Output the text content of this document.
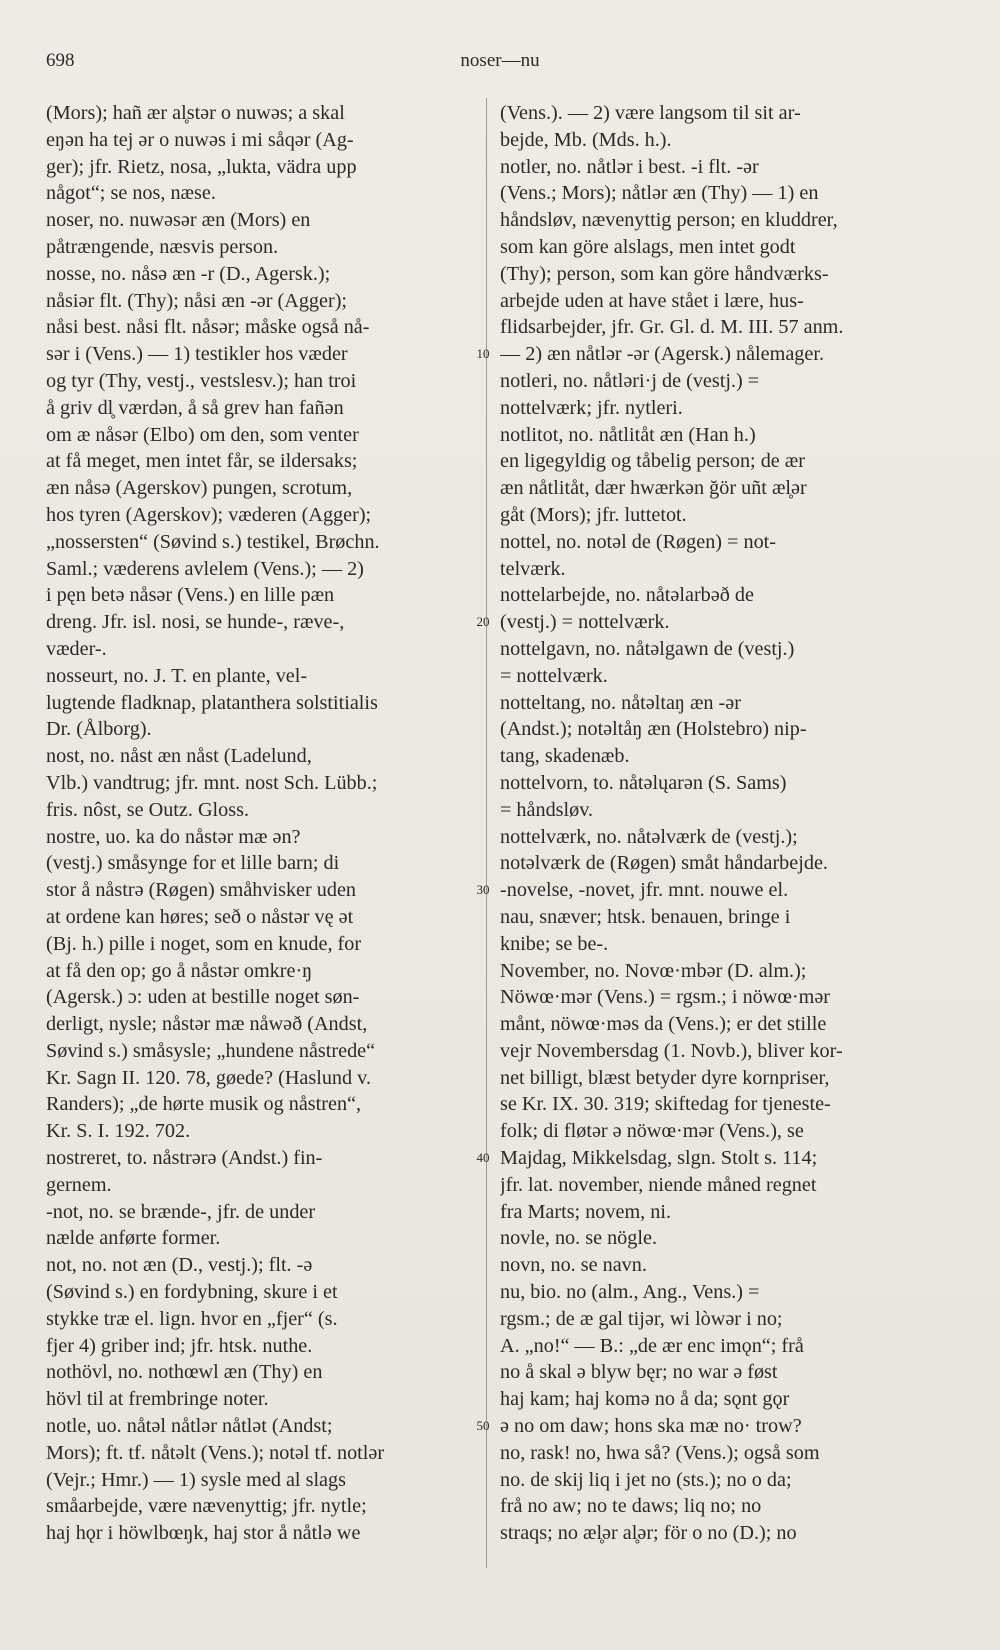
698	noser—nu
(Mors); hañ ær al̥stər o nuwəs; a skal
eŋən ha tej ər o nuwəs i mi såqər (Ag-
ger); jfr. Rietz, nosa, „lukta, vädra upp
något“; se nos, næse.
noser, no. nuwəsər æn (Mors) en
påtrængende, næsvis person.
nosse, no. nåsə æn -r (D., Agersk.);
nåsiər flt. (Thy); nåsi æn -ər (Agger);
nåsi best. nåsi flt. nåsər; måske også nå-
sər i (Vens.) — 1) testikler hos væder
og tyr (Thy, vestj., vestslesv.); han troi
å griv dl̥ værdən, å så grev han fañən
om æ nåsər (Elbo) om den, som venter
at få meget, men intet får, se ildersaks;
æn nåsə (Agerskov) pungen, scrotum,
hos tyren (Agerskov); væderen (Agger);
„nossersten“ (Søvind s.) testikel, Brøchn.
Saml.; væderens avlelem (Vens.); — 2)
i pęn betə nåsər (Vens.) en lille pæn
dreng. Jfr. isl. nosi, se hunde-, ræve-,
væder-.
nosseurt, no. J. T. en plante, vel-
lugtende fladknap, platanthera solstitialis
Dr. (Ålborg).
nost, no. nåst æn nåst (Ladelund,
Vlb.) vandtrug; jfr. mnt. nost Sch. Lübb.;
fris. nôst, se Outz. Gloss.
nostre, uo. ka do nåstər mæ ən?
(vestj.) småsynge for et lille barn; di
stor å nåstrə (Røgen) småhvisker uden
at ordene kan høres; seð o nåstər vę ət
(Bj. h.) pille i noget, som en knude, for
at få den op; go å nåstər omkre·ŋ
(Agersk.) ɔ: uden at bestille noget søn-
derligt, nysle; nåstər mæ nåwəð (Andst,
Søvind s.) småsysle; „hundene nåstrede“
Kr. Sagn II. 120. 78, gøede? (Haslund v.
Randers); „de hørte musik og nåstren“,
Kr. S. I. 192. 702.
nostreret, to. nåstrərə (Andst.) fin-
gernem.
-not, no. se brænde-, jfr. de under
nælde anførte former.
not, no. not æn (D., vestj.); flt. -ə
(Søvind s.) en fordybning, skure i et
stykke træ el. lign. hvor en „fjer“ (s.
fjer 4) griber ind; jfr. htsk. nuthe.
nothövl, no. nothœwl æn (Thy) en
hövl til at frembringe noter.
notle, uo. nåtəl nåtlər nåtlət (Andst;
Mors); ft. tf. nåtəlt (Vens.); notəl tf. notlər
(Vejr.; Hmr.) — 1) sysle med al slags
småarbejde, være nævenyttig; jfr. nytle;
haj hǫr i höwlbœŋk, haj stor å nåtlə we
10
20
30
40
50
(Vens.). — 2) være langsom til sit ar-
bejde, Mb. (Mds. h.).
notler, no. nåtlər i best. -i flt. -ər
(Vens.; Mors); nåtlər æn (Thy) — 1) en
håndsløv, nævenyttig person; en kluddrer,
som kan göre alslags, men intet godt
(Thy); person, som kan göre håndværks-
arbejde uden at have stået i lære, hus-
flidsarbejder, jfr. Gr. Gl. d. M. III. 57 anm.
— 2) æn nåtlər -ər (Agersk.) nålemager.
notleri, no. nåtləri·j de (vestj.) =
nottelværk; jfr. nytleri.
notlitot, no. nåtlitåt æn (Han h.)
en ligegyldig og tåbelig person; de ær
æn nåtlitåt, dær hwærkən ğör uñt æl̥ər
gåt (Mors); jfr. luttetot.
nottel, no. notəl de (Røgen) = not-
telværk.
nottelarbejde, no. nåtəlarbəð de
(vestj.) = nottelværk.
nottelgavn, no. nåtəlgawn de (vestj.)
= nottelværk.
notteltang, no. nåtəltaŋ æn -ər
(Andst.); notəltåŋ æn (Holstebro) nip-
tang, skadenæb.
nottelvorn, to. nåtəlųarən (S. Sams)
= håndsløv.
nottelværk, no. nåtəlværk de (vestj.);
notəlværk de (Røgen) småt håndarbejde.
-novelse, -novet, jfr. mnt. nouwe el.
nau, snæver; htsk. benauen, bringe i
knibe; se be-.
November, no. Novœ·mbər (D. alm.);
Nöwœ·mər (Vens.) = rgsm.; i nöwœ·mər
månt, nöwœ·məs da (Vens.); er det stille
vejr Novembersdag (1. Novb.), bliver kor-
net billigt, blæst betyder dyre kornpriser,
se Kr. IX. 30. 319; skiftedag for tjeneste-
folk; di fløtər ə nöwœ·mər (Vens.), se
Majdag, Mikkelsdag, slgn. Stolt s. 114;
jfr. lat. november, niende måned regnet
fra Marts; novem, ni.
novle, no. se nögle.
novn, no. se navn.
nu, bio. no (alm., Ang., Vens.) =
rgsm.; de æ gal tijər, wi lòwər i no;
A. „no!“ — B.: „de ær enc imǫn“; frå
no å skal ə blyw bęr; no war ə føst
haj kam; haj komə no å da; sǫnt gǫr
ə no om daw; hons ska mæ no· trow?
no, rask! no, hwa så? (Vens.); også som
no. de skij liq i jet no (sts.); no o da;
frå no aw; no te daws; liq no; no
straqs; no æl̥ər al̥ər; för o no (D.); no
